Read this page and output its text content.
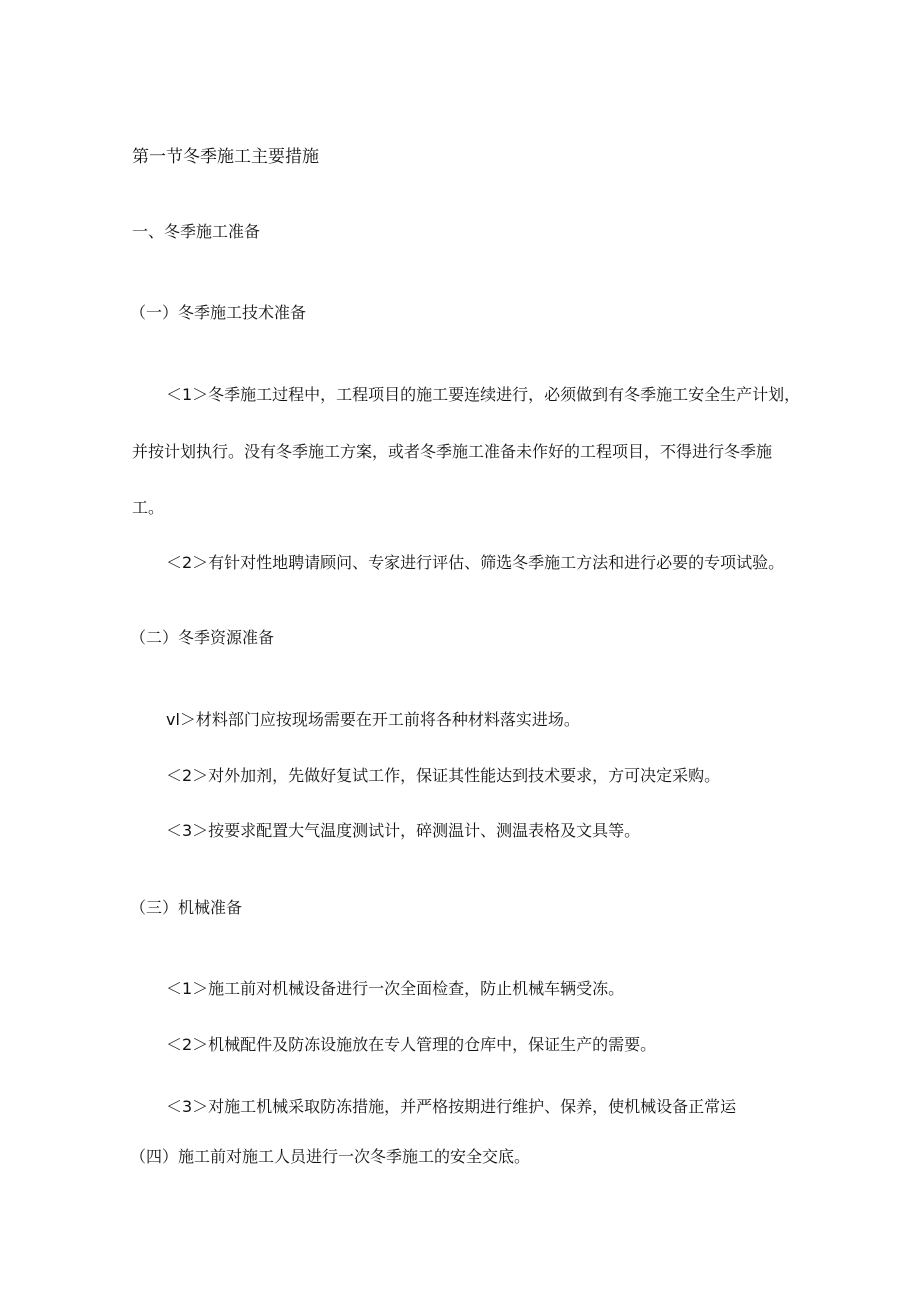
第一节冬季施工主要措施
一、冬季施工准备
（一）冬季施工技术准备
＜1＞冬季施工过程中，工程项目的施工要连续进行，必须做到有冬季施工安全生产计划，
并按计划执行。没有冬季施工方案，或者冬季施工准备未作好的工程项目，不得进行冬季施
工。
＜2＞有针对性地聘请顾问、专家进行评估、筛选冬季施工方法和进行必要的专项试验。
（二）冬季资源准备
vl＞材料部门应按现场需要在开工前将各种材料落实进场。
＜2＞对外加剂，先做好复试工作，保证其性能达到技术要求，方可决定采购。
＜3＞按要求配置大气温度测试计，碎测温计、测温表格及文具等。
（三）机械准备
＜1＞施工前对机械设备进行一次全面检查，防止机械车辆受冻。
＜2＞机械配件及防冻设施放在专人管理的仓库中，保证生产的需要。
＜3＞对施工机械采取防冻措施，并严格按期进行维护、保养，使机械设备正常运
（四）施工前对施工人员进行一次冬季施工的安全交底。
